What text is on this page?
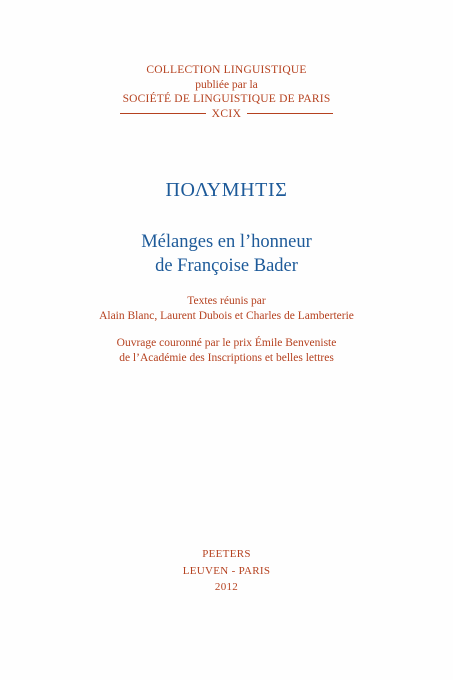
COLLECTION LINGUISTIQUE
publiée par la
SOCIÉTÉ DE LINGUISTIQUE DE PARIS
XCIX
ΠΟΛΥΜΗΤΙΣ
Mélanges en l’honneur
de Françoise Bader
Textes réunis par
Alain Blanc, Laurent Dubois et Charles de Lamberterie
Ouvrage couronné par le prix Émile Benveniste
de l’Académie des Inscriptions et belles lettres
PEETERS
LEUVEN - PARIS
2012
